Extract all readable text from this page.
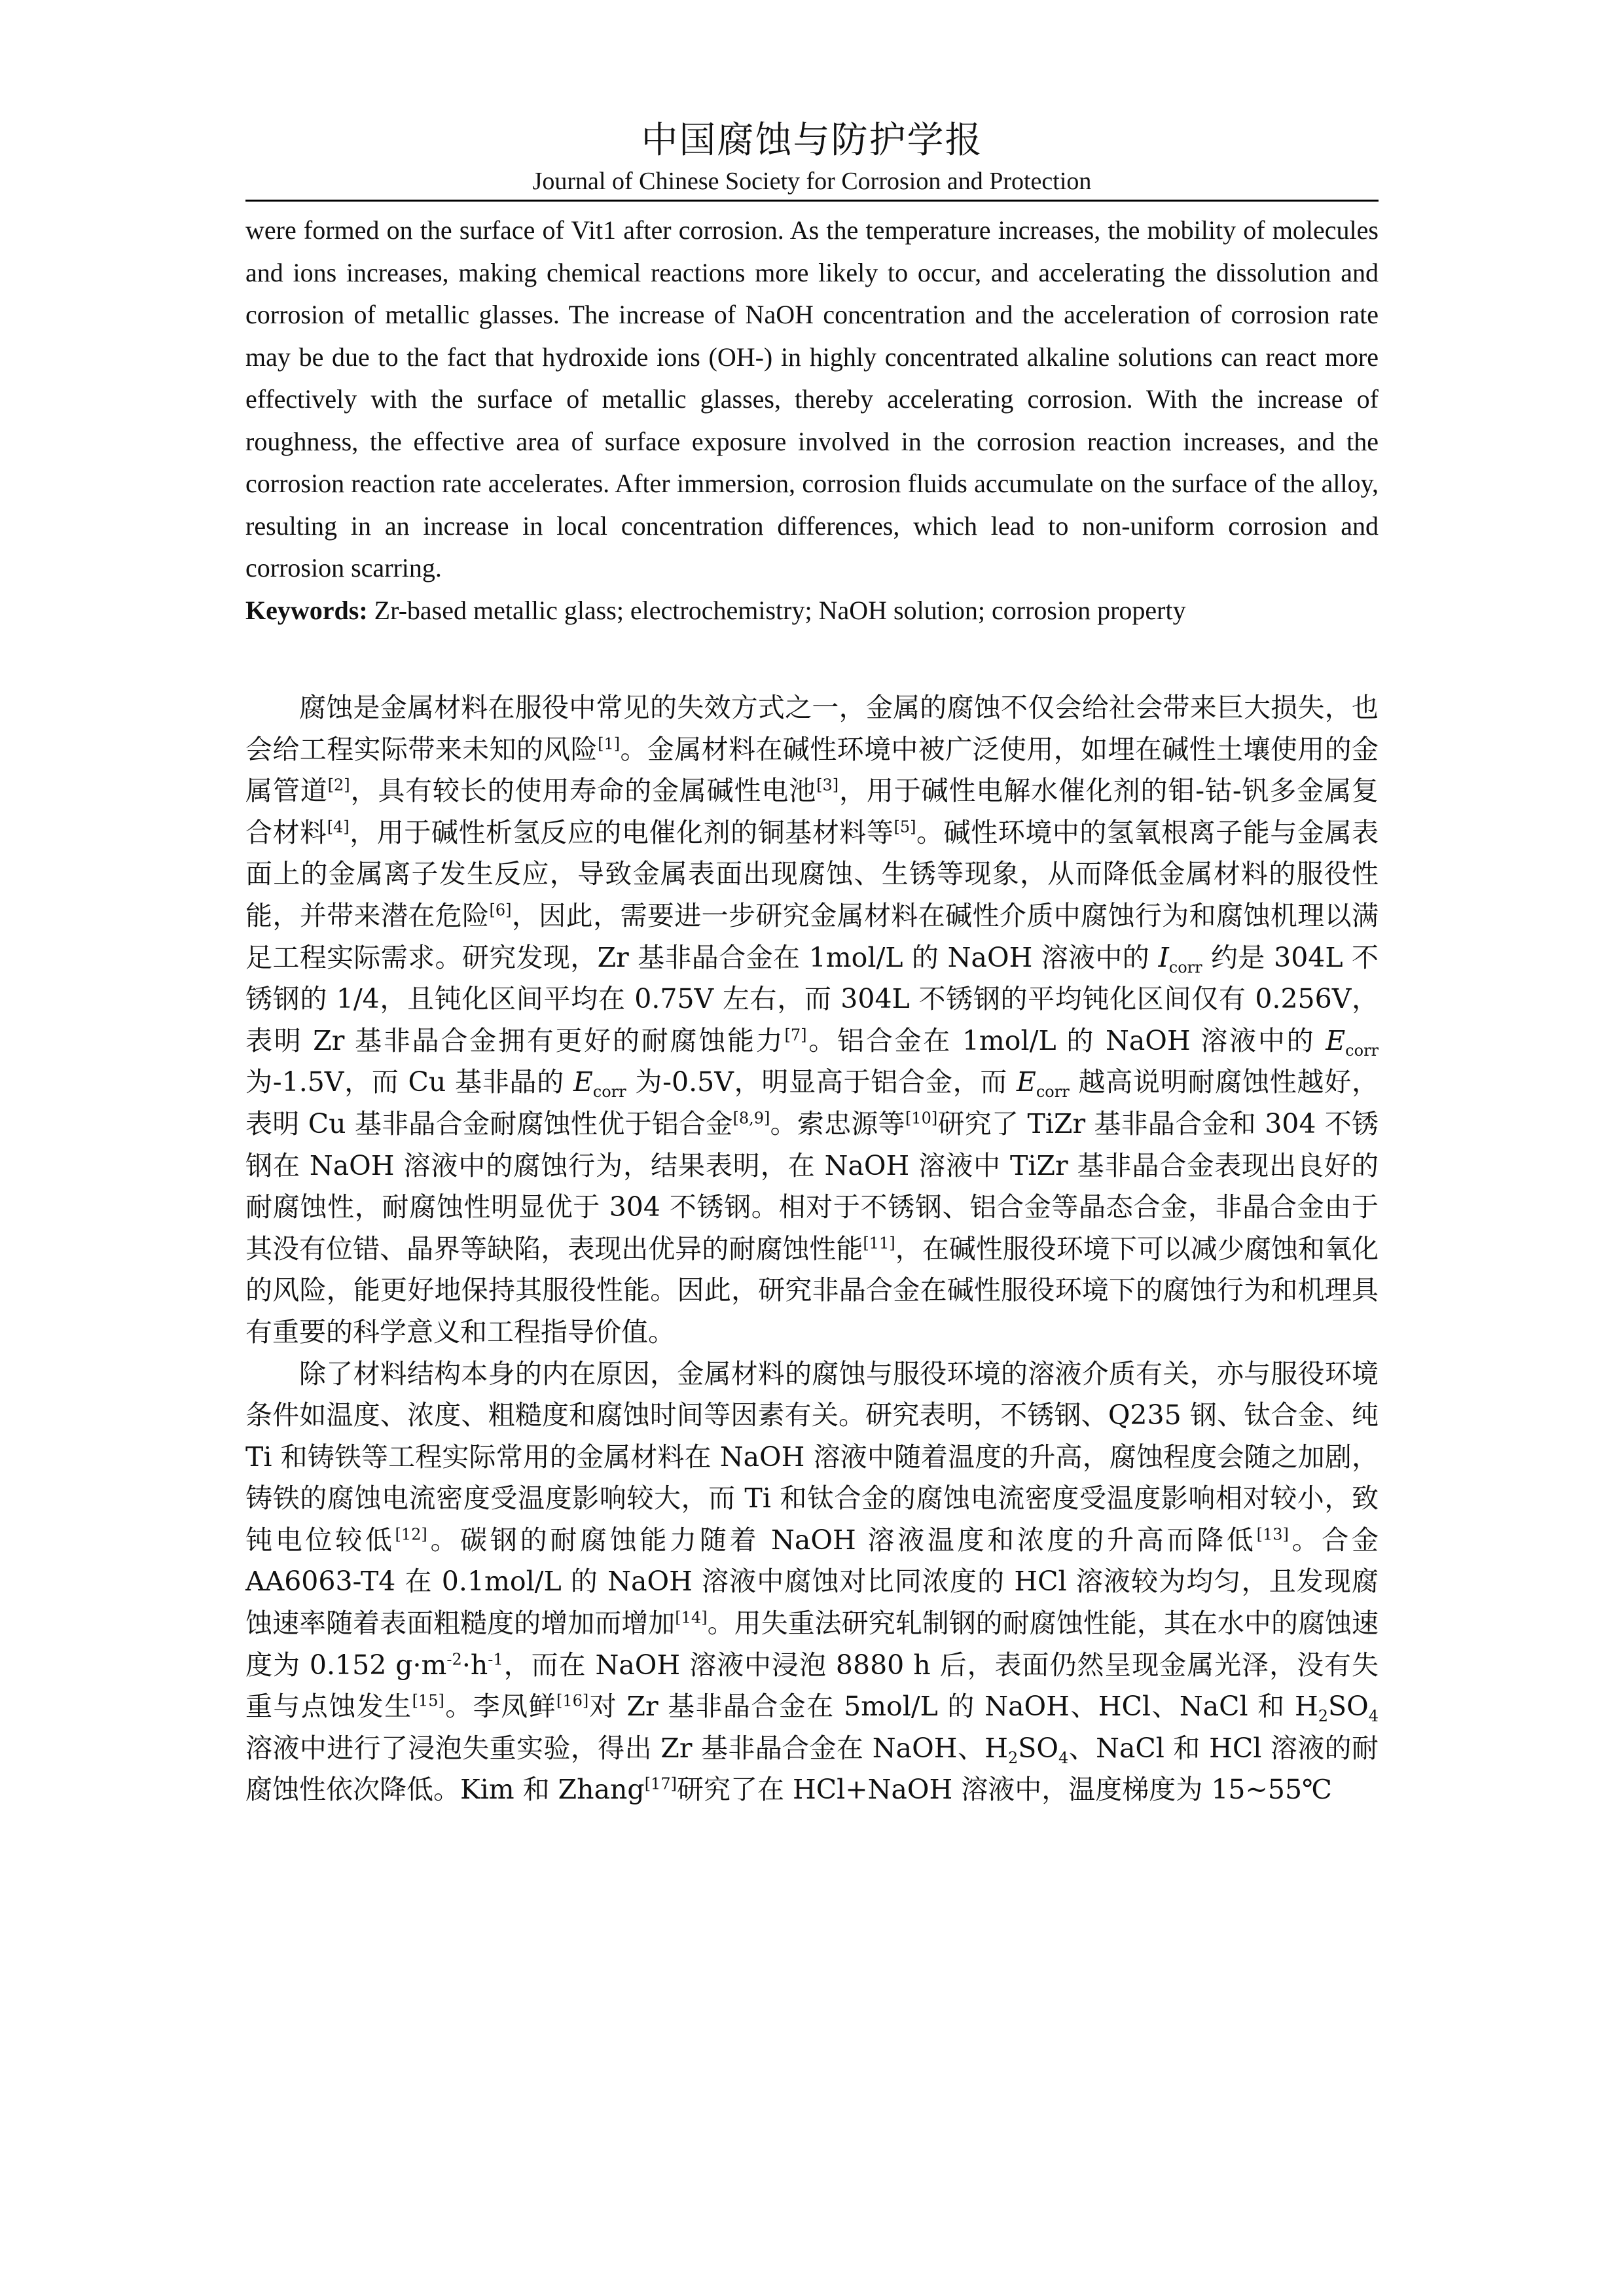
中国腐蚀与防护学报
Journal of Chinese Society for Corrosion and Protection

were formed on the surface of Vit1 after corrosion. As the temperature increases, the mobility of molecules and ions increases, making chemical reactions more likely to occur, and accelerating the dissolution and corrosion of metallic glasses. The increase of NaOH concentration and the acceleration of corrosion rate may be due to the fact that hydroxide ions (OH-) in highly concentrated alkaline solutions can react more effectively with the surface of metallic glasses, thereby accelerating corrosion. With the increase of roughness, the effective area of surface exposure involved in the corrosion reaction increases, and the corrosion reaction rate accelerates. After immersion, corrosion fluids accumulate on the surface of the alloy, resulting in an increase in local concentration differences, which lead to non-uniform corrosion and corrosion scarring.

Keywords: Zr-based metallic glass; electrochemistry; NaOH solution; corrosion property

腐蚀是金属材料在服役中常见的失效方式之一，金属的腐蚀不仅会给社会带来巨大损失，也会给工程实际带来未知的风险[1]。金属材料在碱性环境中被广泛使用，如埋在碱性土壤使用的金属管道[2]，具有较长的使用寿命的金属碱性电池[3]，用于碱性电解水催化剂的钼-钴-钒多金属复合材料[4]，用于碱性析氢反应的电催化剂的铜基材料等[5]。碱性环境中的氢氧根离子能与金属表面上的金属离子发生反应，导致金属表面出现腐蚀、生锈等现象，从而降低金属材料的服役性能，并带来潜在危险[6]，因此，需要进一步研究金属材料在碱性介质中腐蚀行为和腐蚀机理以满足工程实际需求。研究发现，Zr 基非晶合金在 1mol/L 的 NaOH 溶液中的 $I_{corr}$ 约是 304L 不锈钢的 1/4，且钝化区间平均在 0.75V 左右，而 304L 不锈钢的平均钝化区间仅有 0.256V，表明 Zr 基非晶合金拥有更好的耐腐蚀能力[7]。铝合金在 1mol/L 的 NaOH 溶液中的 $E_{corr}$ 为-1.5V，而 Cu 基非晶的 $E_{corr}$ 为-0.5V，明显高于铝合金，而 $E_{corr}$ 越高说明耐腐蚀性越好，表明 Cu 基非晶合金耐腐蚀性优于铝合金[8,9]。索忠源等[10]研究了 TiZr 基非晶合金和 304 不锈钢在 NaOH 溶液中的腐蚀行为，结果表明，在 NaOH 溶液中 TiZr 基非晶合金表现出良好的耐腐蚀性，耐腐蚀性明显优于 304 不锈钢。相对于不锈钢、铝合金等晶态合金，非晶合金由于其没有位错、晶界等缺陷，表现出优异的耐腐蚀性能[11]，在碱性服役环境下可以减少腐蚀和氧化的风险，能更好地保持其服役性能。因此，研究非晶合金在碱性服役环境下的腐蚀行为和机理具有重要的科学意义和工程指导价值。

除了材料结构本身的内在原因，金属材料的腐蚀与服役环境的溶液介质有关，亦与服役环境条件如温度、浓度、粗糙度和腐蚀时间等因素有关。研究表明，不锈钢、Q235 钢、钛合金、纯 Ti 和铸铁等工程实际常用的金属材料在 NaOH 溶液中随着温度的升高，腐蚀程度会随之加剧，铸铁的腐蚀电流密度受温度影响较大，而 Ti 和钛合金的腐蚀电流密度受温度影响相对较小，致钝电位较低[12]。碳钢的耐腐蚀能力随着 NaOH 溶液温度和浓度的升高而降低[13]。合金 AA6063-T4 在 0.1mol/L 的 NaOH 溶液中腐蚀对比同浓度的 HCl 溶液较为均匀，且发现腐蚀速率随着表面粗糙度的增加而增加[14]。用失重法研究轧制钢的耐腐蚀性能，其在水中的腐蚀速度为 0.152 $g\cdot m^{-2}\cdot h^{-1}$，而在 NaOH 溶液中浸泡 8880 h 后，表面仍然呈现金属光泽，没有失重与点蚀发生[15]。李凤鲜[16]对 Zr 基非晶合金在 5mol/L 的 NaOH、HCl、NaCl 和 $H_2SO_4$ 溶液中进行了浸泡失重实验，得出 Zr 基非晶合金在 NaOH、$H_2SO_4$、NaCl 和 HCl 溶液的耐腐蚀性依次降低。Kim 和 Zhang[17]研究了在 HCl+NaOH 溶液中，温度梯度为 15~55℃
